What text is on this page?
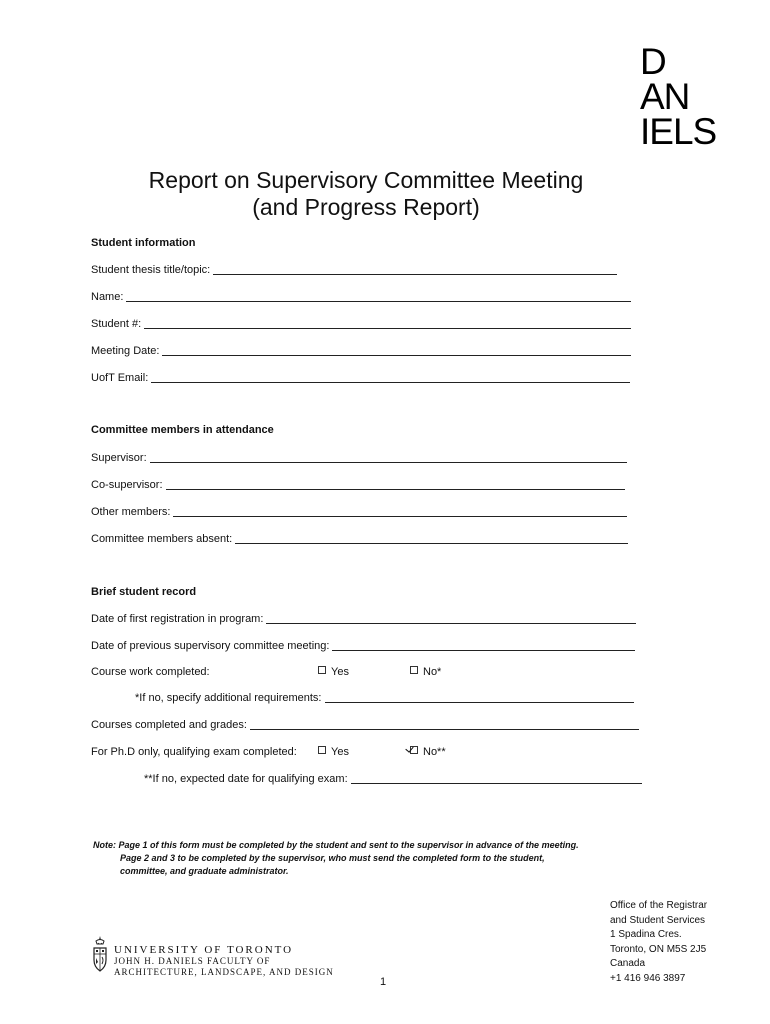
D
AN
IELS
Report on Supervisory Committee Meeting
(and Progress Report)
Student information
Student thesis title/topic:
Name:
Student #:
Meeting Date:
UofT Email:
Committee members in attendance
Supervisor:
Co-supervisor:
Other members:
Committee members absent:
Brief student record
Date of first registration in program:
Date of previous supervisory committee meeting:
Course work completed:	Yes	No*
*If no, specify additional requirements:
Courses completed and grades:
For Ph.D only, qualifying exam completed:	Yes	No**
**If no, expected date for qualifying exam:
Note: Page 1 of this form must be completed by the student and sent to the supervisor in advance of the meeting.
Page 2 and 3 to be completed by the supervisor, who must send the completed form to the student,
committee, and graduate administrator.
UNIVERSITY OF TORONTO
JOHN H. DANIELS FACULTY OF
ARCHITECTURE, LANDSCAPE, AND DESIGN
Office of the Registrar
and Student Services
1 Spadina Cres.
Toronto, ON M5S 2J5
Canada
+1 416 946 3897
1
